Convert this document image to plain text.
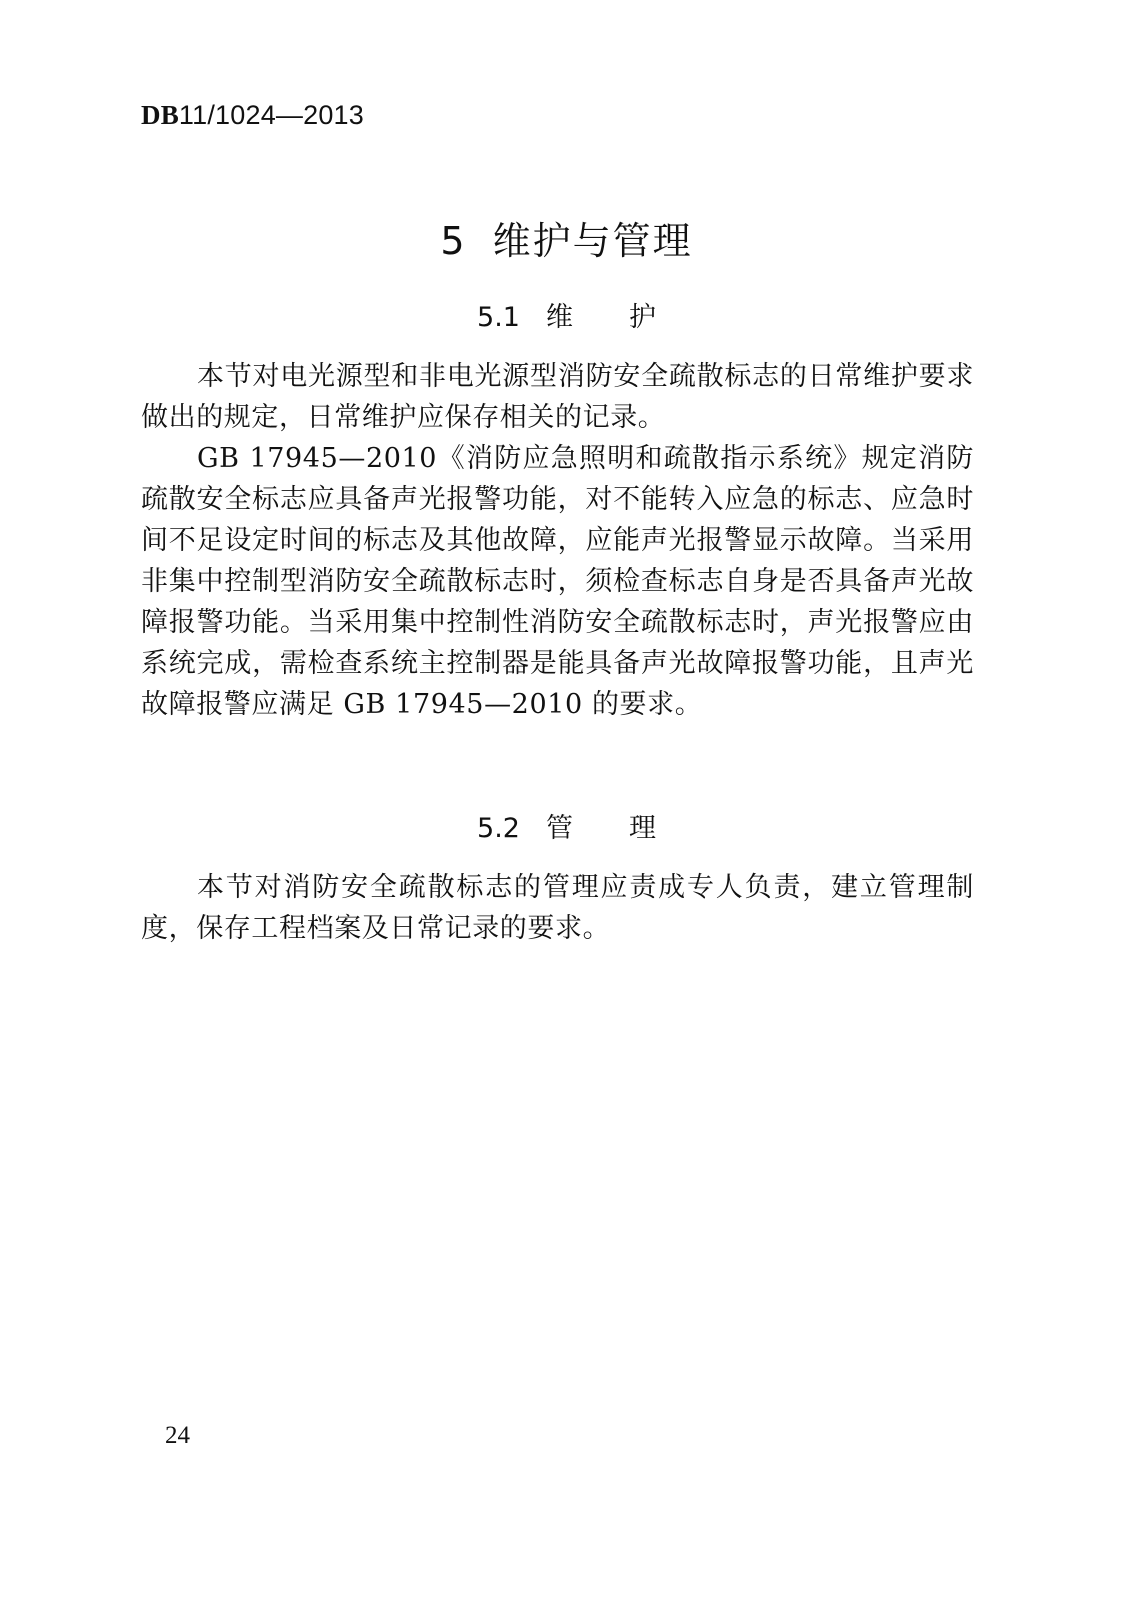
DB11/1024—2013
5 维护与管理
5.1 维护

本节对电光源型和非电光源型消防安全疏散标志的日常维护要求做出的规定，日常维护应保存相关的记录。

GB 17945—2010《消防应急照明和疏散指示系统》规定消防疏散安全标志应具备声光报警功能，对不能转入应急的标志、应急时间不足设定时间的标志及其他故障，应能声光报警显示故障。当采用非集中控制型消防安全疏散标志时，须检查标志自身是否具备声光故障报警功能。当采用集中控制性消防安全疏散标志时，声光报警应由系统完成，需检查系统主控制器是能具备声光故障报警功能，且声光故障报警应满足 GB 17945—2010 的要求。

5.2 管理

本节对消防安全疏散标志的管理应责成专人负责，建立管理制度，保存工程档案及日常记录的要求。

24
